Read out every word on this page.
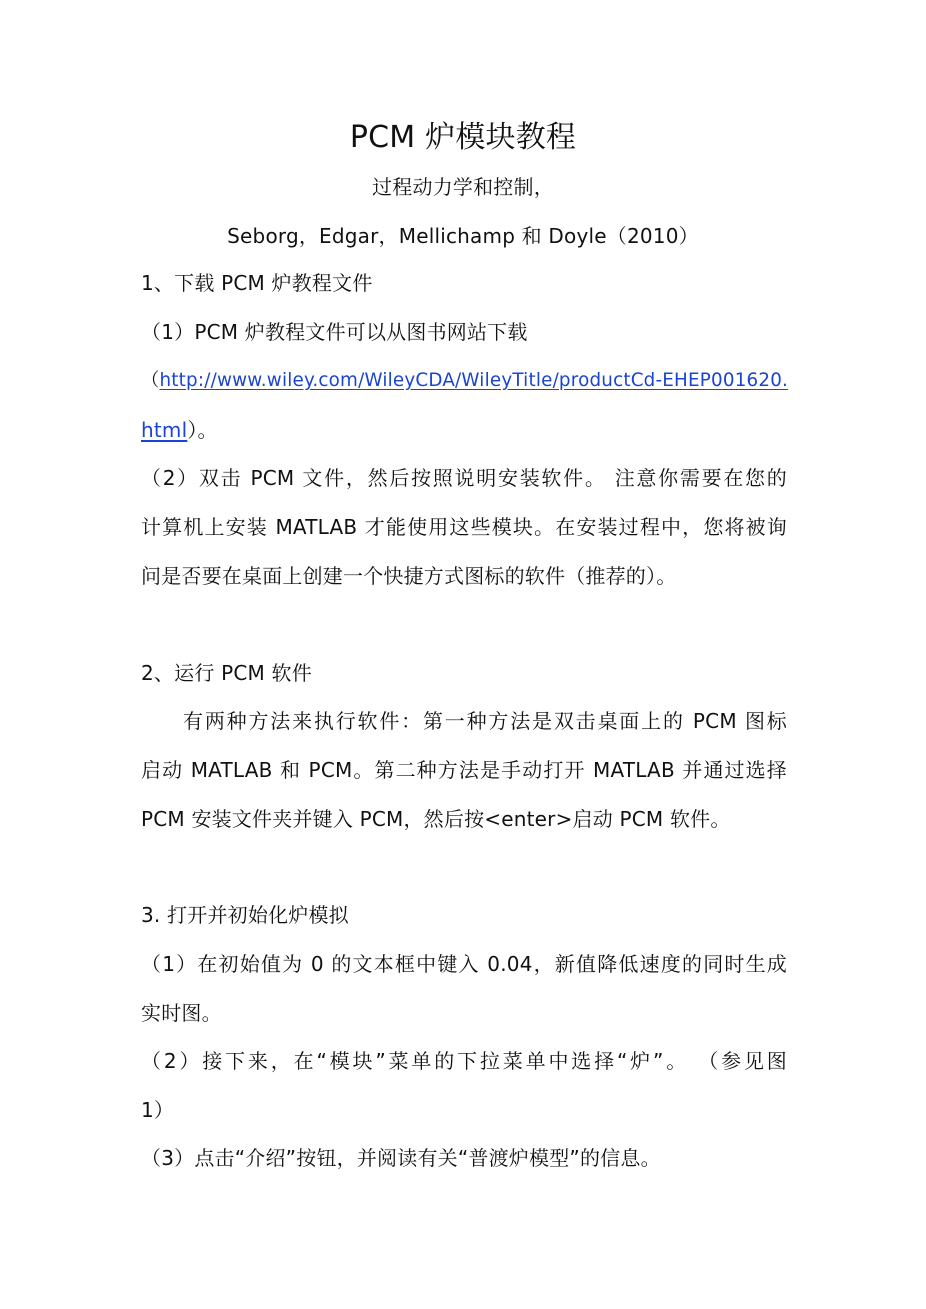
PCM 炉模块教程
过程动力学和控制，
Seborg，Edgar，Mellichamp 和 Doyle（2010）
1、下载 PCM 炉教程文件
（1）PCM 炉教程文件可以从图书网站下载
（http://www.wiley.com/WileyCDA/WileyTitle/productCd-EHEP001620.
html）。
（2）双击 PCM 文件，然后按照说明安装软件。 注意你需要在您的
计算机上安装 MATLAB 才能使用这些模块。在安装过程中，您将被询
问是否要在桌面上创建一个快捷方式图标的软件（推荐的）。
2、运行 PCM 软件
有两种方法来执行软件：第一种方法是双击桌面上的 PCM 图标
启动 MATLAB 和 PCM。第二种方法是手动打开 MATLAB 并通过选择
PCM 安装文件夹并键入 PCM，然后按<enter>启动 PCM 软件。
3. 打开并初始化炉模拟
（1）在初始值为 0 的文本框中键入 0.04，新值降低速度的同时生成
实时图。
（2）接下来，在“模块”菜单的下拉菜单中选择“炉”。 （参见图
1）
（3）点击“介绍”按钮，并阅读有关“普渡炉模型”的信息。
